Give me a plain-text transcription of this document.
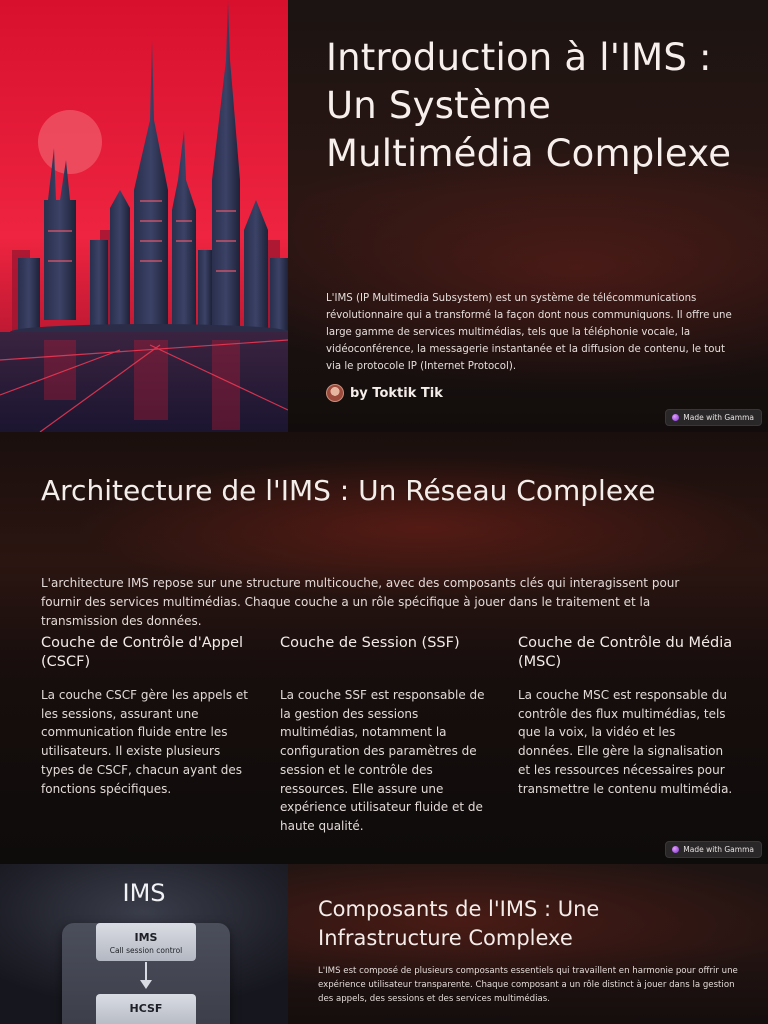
Introduction à l'IMS : Un Système Multimédia Complexe

L'IMS (IP Multimedia Subsystem) est un système de télécommunications révolutionnaire qui a transformé la façon dont nous communiquons. Il offre une large gamme de services multimédias, tels que la téléphonie vocale, la vidéoconférence, la messagerie instantanée et la diffusion de contenu, le tout via le protocole IP (Internet Protocol).

by Toktik Tik
Made with Gamma
Architecture de l'IMS : Un Réseau Complexe

L'architecture IMS repose sur une structure multicouche, avec des composants clés qui interagissent pour fournir des services multimédias. Chaque couche a un rôle spécifique à jouer dans le traitement et la transmission des données.

Couche de Contrôle d'Appel (CSCF)

La couche CSCF gère les appels et les sessions, assurant une communication fluide entre les utilisateurs. Il existe plusieurs types de CSCF, chacun ayant des fonctions spécifiques.

Couche de Session (SSF)

La couche SSF est responsable de la gestion des sessions multimédias, notamment la configuration des paramètres de session et le contrôle des ressources. Elle assure une expérience utilisateur fluide et de haute qualité.

Couche de Contrôle du Média (MSC)

La couche MSC est responsable du contrôle des flux multimédias, tels que la voix, la vidéo et les données. Elle gère la signalisation et les ressources nécessaires pour transmettre le contenu multimédia.

Made with Gamma
IMS
IMS
Call session control
HCSF
Composants de l'IMS : Une Infrastructure Complexe

L'IMS est composé de plusieurs composants essentiels qui travaillent en harmonie pour offrir une expérience utilisateur transparente. Chaque composant a un rôle distinct à jouer dans la gestion des appels, des sessions et des services multimédias.
